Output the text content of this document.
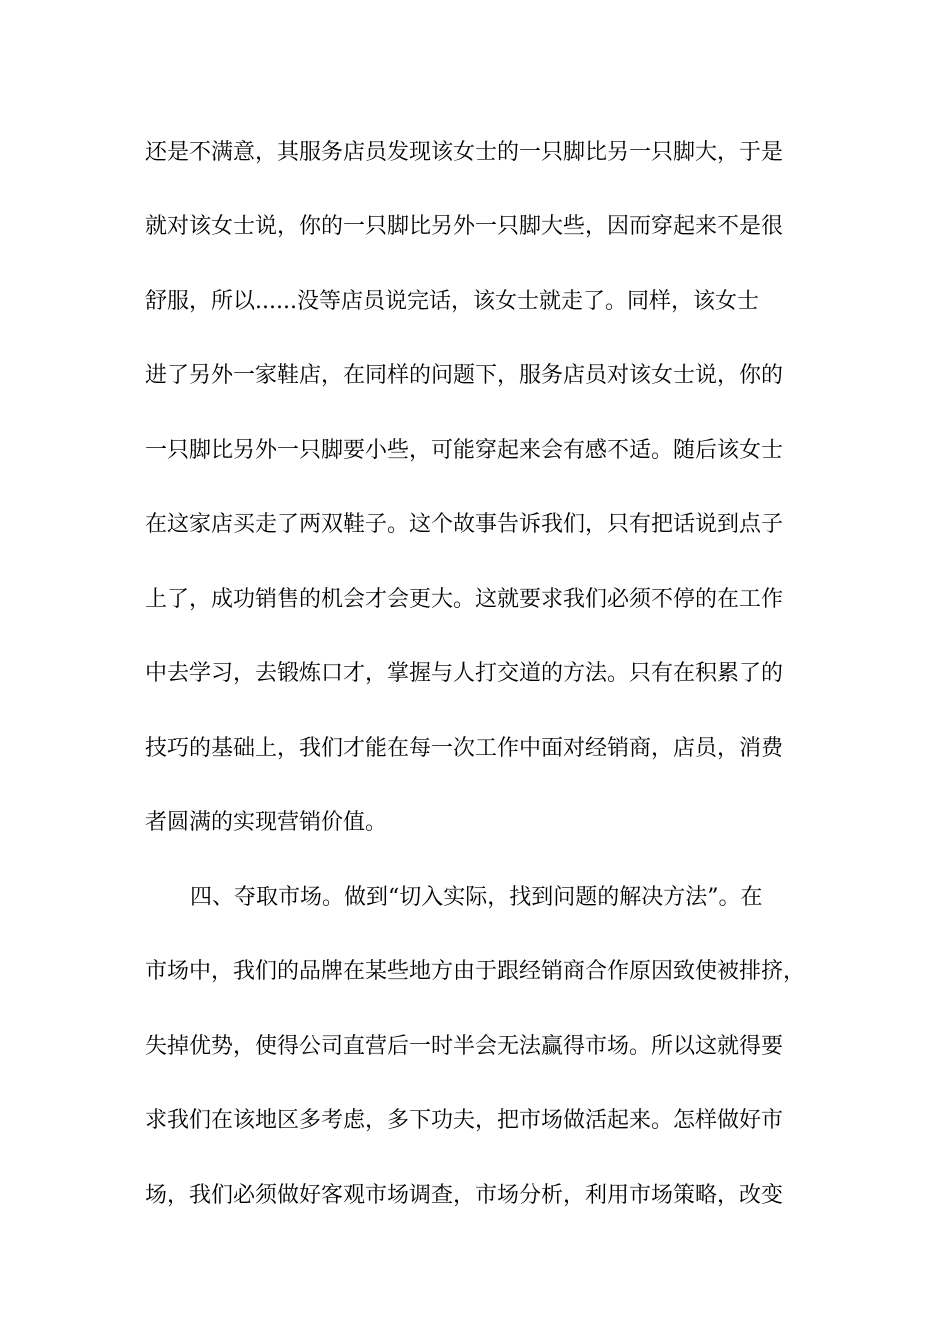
还是不满意，其服务店员发现该女士的一只脚比另一只脚大，于是
就对该女士说，你的一只脚比另外一只脚大些，因而穿起来不是很
舒服，所以......没等店员说完话，该女士就走了。同样，该女士
进了另外一家鞋店，在同样的问题下，服务店员对该女士说，你的
一只脚比另外一只脚要小些，可能穿起来会有感不适。随后该女士
在这家店买走了两双鞋子。这个故事告诉我们，只有把话说到点子
上了，成功销售的机会才会更大。这就要求我们必须不停的在工作
中去学习，去锻炼口才，掌握与人打交道的方法。只有在积累了的
技巧的基础上，我们才能在每一次工作中面对经销商，店员，消费
者圆满的实现营销价值。
四、夺取市场。做到“切入实际，找到问题的解决方法”。在
市场中，我们的品牌在某些地方由于跟经销商合作原因致使被排挤，
失掉优势，使得公司直营后一时半会无法赢得市场。所以这就得要
求我们在该地区多考虑，多下功夫，把市场做活起来。怎样做好市
场，我们必须做好客观市场调查，市场分析，利用市场策略，改变
